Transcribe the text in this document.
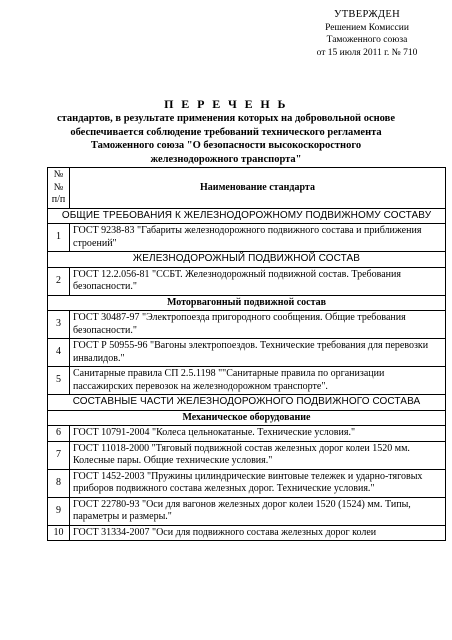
УТВЕРЖДЕН
Решением Комиссии
Таможенного союза
от 15 июля 2011 г. № 710
П Е Р Е Ч Е Н Ь
стандартов, в результате применения которых на добровольной основе обеспечивается соблюдение требований технического регламента Таможенного союза "О безопасности высокоскоростного железнодорожного транспорта"
№№ п/п	Наименование стандарта
ОБЩИЕ ТРЕБОВАНИЯ К ЖЕЛЕЗНОДОРОЖНОМУ ПОДВИЖНОМУ СОСТАВУ	
1	ГОСТ 9238-83 "Габариты железнодорожного подвижного состава и приближения строений"
ЖЕЛЕЗНОДОРОЖНЫЙ ПОДВИЖНОЙ СОСТАВ	
2	ГОСТ 12.2.056-81 "ССБТ. Железнодорожный подвижной состав. Требования безопасности."
Моторвагонный подвижной состав	
3	ГОСТ 30487-97 "Электропоезда пригородного сообщения. Общие требования безопасности."
4	ГОСТ Р 50955-96 "Вагоны электропоездов. Технические требования для перевозки инвалидов."
5	Санитарные правила СП 2.5.1198 ""Санитарные правила по организации пассажирских перевозок на железнодорожном транспорте".
СОСТАВНЫЕ ЧАСТИ ЖЕЛЕЗНОДОРОЖНОГО ПОДВИЖНОГО СОСТАВА	
Механическое оборудование	
6	ГОСТ 10791-2004 "Колеса цельнокатаные. Технические условия."
7	ГОСТ 11018-2000 "Тяговый подвижной состав железных дорог колеи 1520 мм. Колесные пары. Общие технические условия."
8	ГОСТ 1452-2003 "Пружины цилиндрические винтовые тележек и ударно-тяговых приборов подвижного состава железных дорог. Технические условия."
9	ГОСТ 22780-93 "Оси для вагонов железных дорог колеи 1520 (1524) мм. Типы, параметры и размеры."
10	ГОСТ 31334-2007 "Оси для подвижного состава железных дорог колеи
